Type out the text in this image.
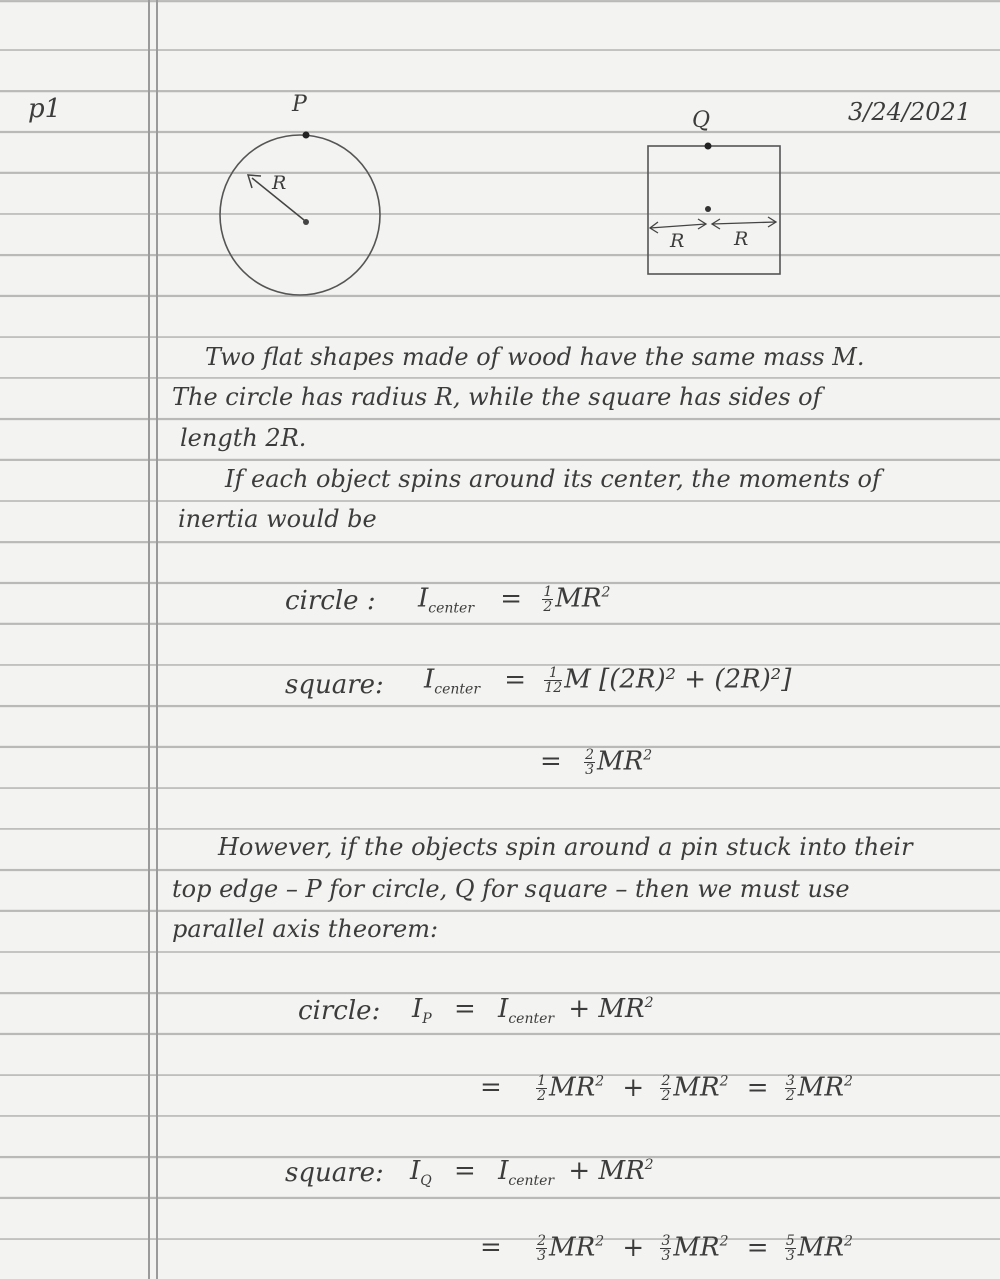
p1	3/24/2021
P
Q
R
R	R
Two flat shapes made of wood have the same mass M.
The circle has radius R, while the square has sides of
length 2R.
If each object spins around its center, the moments of
inertia would be
circle : $I_{center} = \frac{1}{2} MR^2$
square: $I_{center} = \frac{1}{12}$ M [(2R)² + (2R)²]
= $\frac{2}{3} MR^2$
However, if the objects spin around a pin stuck into their
top edge – P for circle, Q for square – then we must use
parallel axis theorem:
circle: $I_P = I_{center} + MR^2$
= $\frac{1}{2} MR^2 + \frac{2}{2} MR^2 = \frac{3}{2} MR^2$
square: $I_Q = I_{center} + MR^2$
= $\frac{2}{3} MR^2 + \frac{3}{3} MR^2 = \frac{5}{3} MR^2$
